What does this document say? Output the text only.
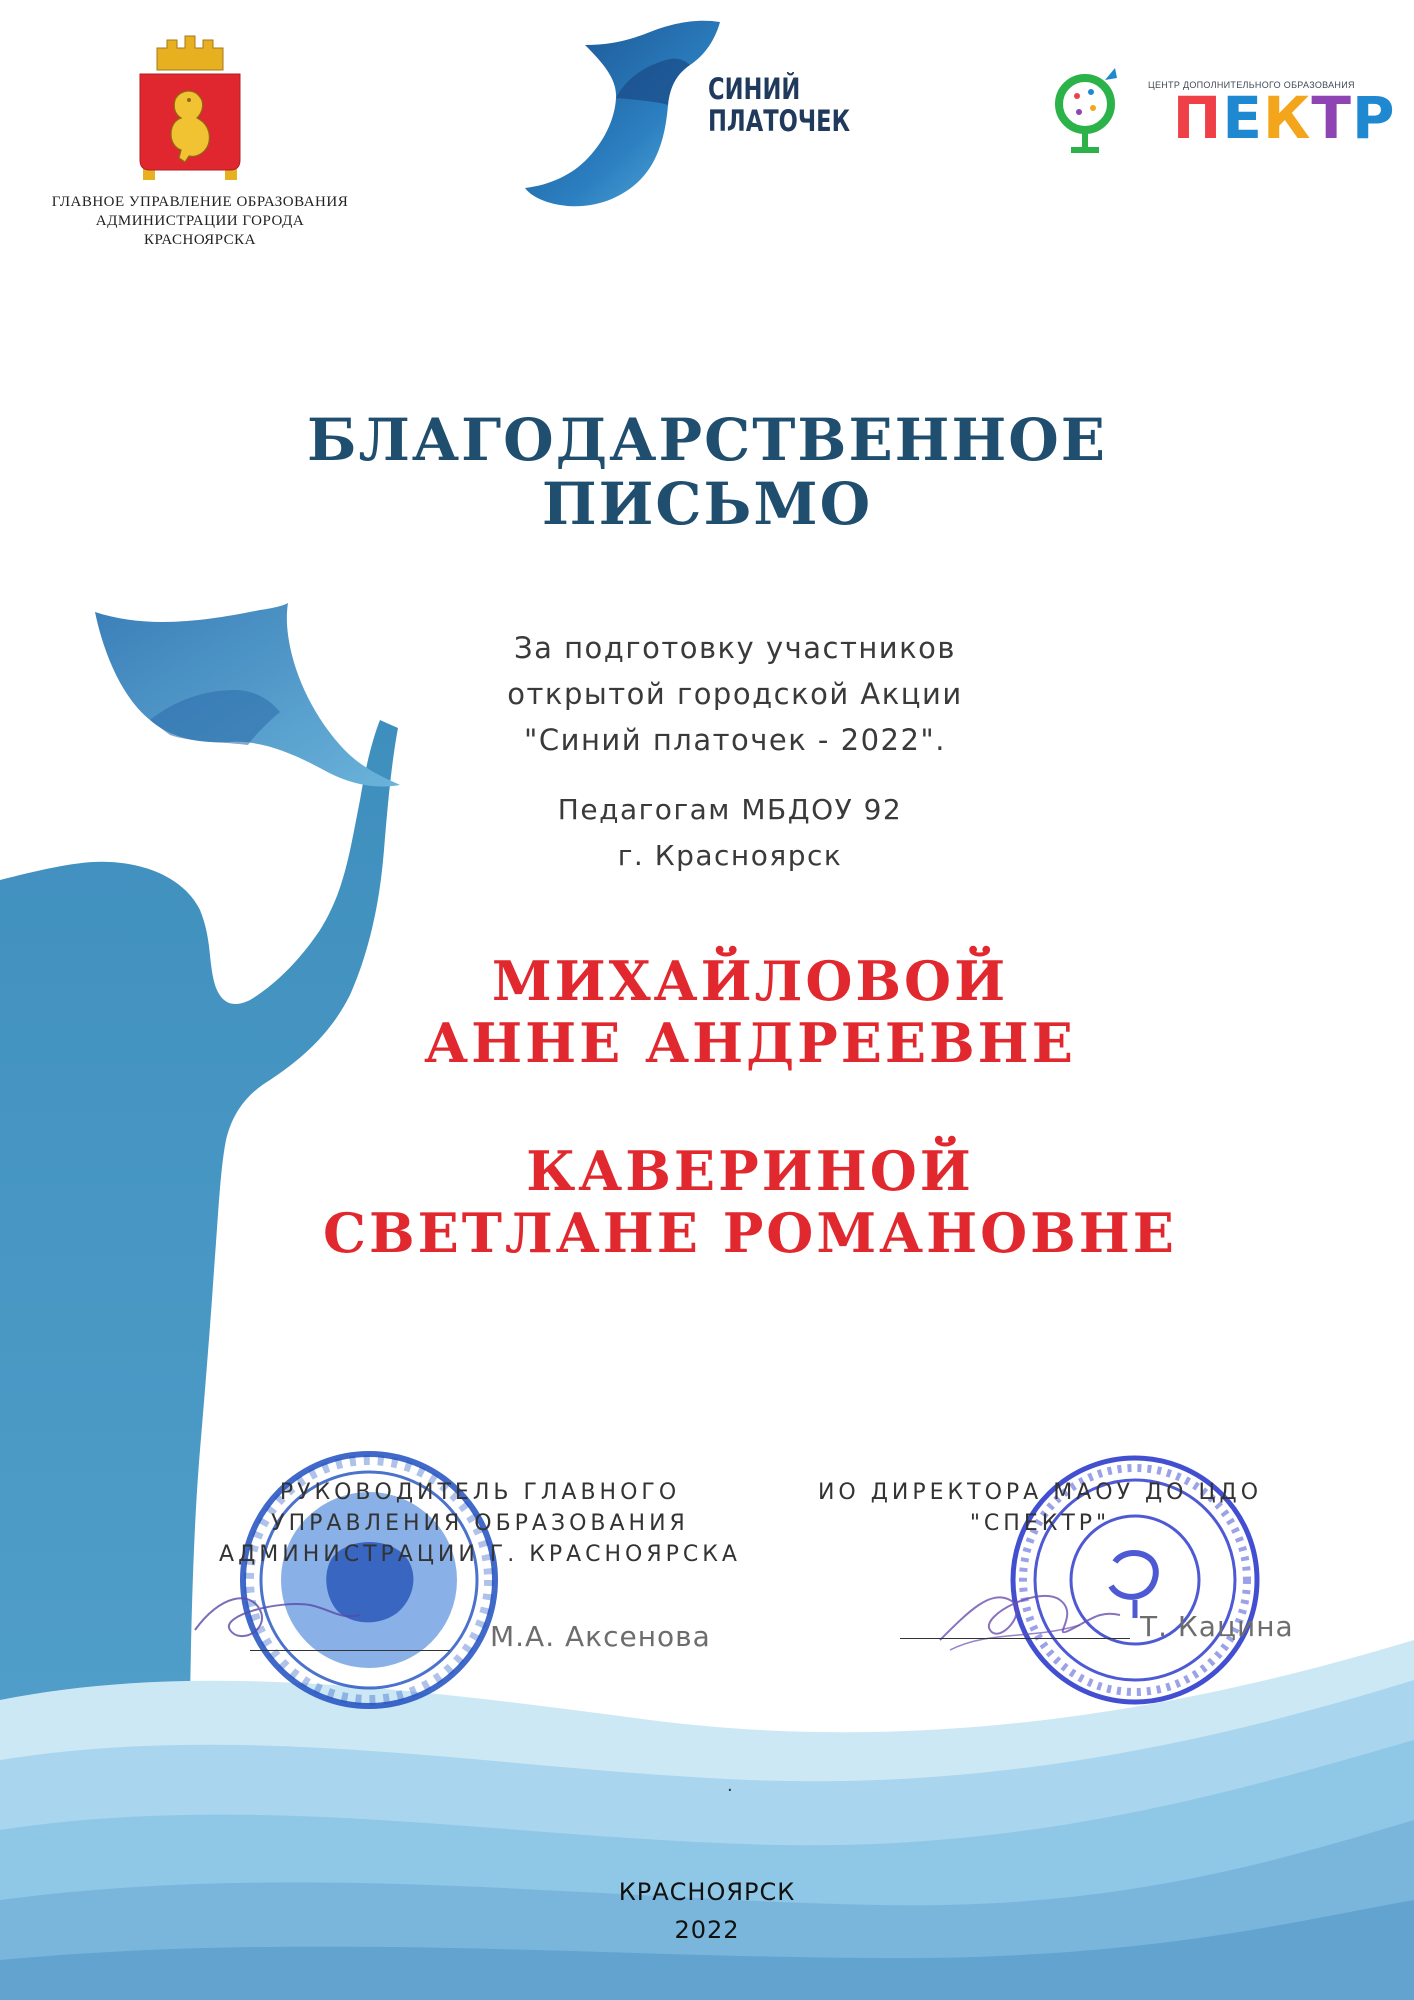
ГЛАВНОЕ УПРАВЛЕНИЕ ОБРАЗОВАНИЯ АДМИНИСТРАЦИИ ГОРОДА КРАСНОЯРСКА
СИНИЙ
ПЛАТОЧЕК
ЦЕНТР ДОПОЛНИТЕЛЬНОГО ОБРАЗОВАНИЯ
ПЕКТР
БЛАГОДАРСТВЕННОЕ
ПИСЬМО
За подготовку участников
открытой городской Акции
"Синий платочек - 2022".
Педагогам МБДОУ 92
г. Красноярск
МИХАЙЛОВОЙ
АННЕ АНДРЕЕВНЕ
КАВЕРИНОЙ
СВЕТЛАНЕ РОМАНОВНЕ
РУКОВОДИТЕЛЬ ГЛАВНОГО
УПРАВЛЕНИЯ ОБРАЗОВАНИЯ
АДМИНИСТРАЦИИ Г. КРАСНОЯРСКА
ИО ДИРЕКТОРА МАОУ ДО ЦДО
"СПЕКТР"
М.А. Аксенова	Т. Кацина
.
КРАСНОЯРСК
2022
